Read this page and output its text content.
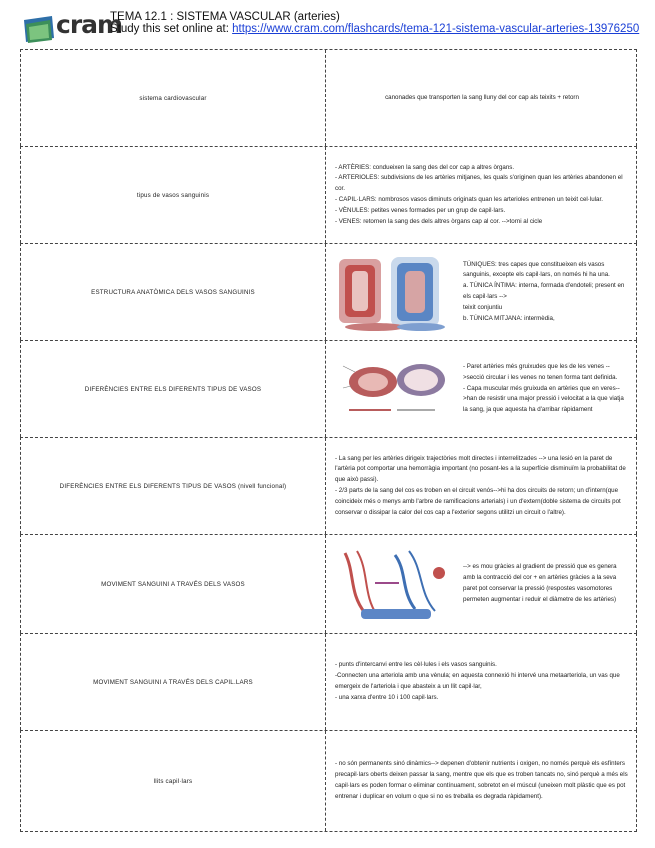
cram
TEMA 12.1 : SISTEMA VASCULAR (arteries)
Study this set online at: https://www.cram.com/flashcards/tema-121-sistema-vascular-arteries-13976250
sistema cardiovascular	canonades que transporten la sang lluny del cor cap als teixits + retorn
tipus de vasos sanguinis
- ARTÈRIES: condueixen la sang des del cor cap a altres òrgans.
- ARTERIOLES: subdivisions de les artèries mitjanes, les quals s'originen quan les artèries abandonen el cor.
- CAPIL·LARS: nombrosos vasos diminuts originats quan les arterioles entrenen un teixit cel·lular.
- VÈNULES: petites venes formades per un grup de capil·lars.
- VENES: retornen la sang des dels altres òrgans cap al cor. -->torni al cicle
ESTRUCTURA ANATÒMICA DELS VASOS SANGUINIS
TÚNIQUES: tres capes que constitueixen els vasos sanguinis, excepte els capil·lars, on només hi ha una.
a. TÚNICA ÍNTIMA: interna, formada d'endoteli; present en els capil·lars -->
teixit conjuntiu
b. TÚNICA MITJANA: intermèdia,
DIFERÈNCIES ENTRE ELS DIFERENTS TIPUS DE VASOS
- Paret artèries més gruixudes que les de les venes -->secció circular i les venes no tenen forma tant definida.
- Capa muscular més gruixuda en artèries que en veres-->han de resistir una major pressió i velocitat a la que viatja la sang, ja que aquesta ha d'arribar ràpidament
DIFERÈNCIES ENTRE ELS DIFERENTS TIPUS DE VASOS (nivell funcional)
- La sang per les artèries dirigeix trajectòries molt directes i interrelitzades --> una lesió en la paret de l'artèria pot comportar una hemorràgia important (no posant-les a la superfície disminuïm la probabilitat de que això passi).
- 2/3 parts de la sang del cos es troben en el circuit venós-->hi ha dos circuits de retorn; un d'intern(que coincideix més o menys amb l'arbre de ramificacions arterials) i un d'extern(doble sistema de circuits pot conservar o dissipar la calor del cos cap a l'exterior segons utilitzi un circuit o l'altre).
MOVIMENT SANGUINI A TRAVÉS DELS VASOS
--> es mou gràcies al gradient de pressió que es genera amb la contracció del cor + en artèries gràcies a la seva paret pot conservar la pressió (respostes vasomotores permeten augmentar i reduir el diàmetre de les artèries)
MOVIMENT SANGUINI A TRAVÉS DELS CAPIL.LARS
- punts d'intercanvi entre les cèl·lules i els vasos sanguinis.
-Connecten una arteriola amb una vènula; en aquesta connexió hi intervé una metaarteriola, un vas que emergeix de l'arteriola i que abasteix a un llit capil·lar,
- una xarxa d'entre 10 i 100 capil·lars.
llits capil·lars
- no són permanents sinó dinàmics--> depenen d'obtenir nutrients i oxigen, no només perquè els esfínters precapil·lars oberts deixen passar la sang, mentre que els que es troben tancats no, sinó perquè a més els capil·lars es poden formar o eliminar contínuament, sobretot en el múscul (uneixen molt plàstic que es pot entrenar i duplicar en volum o que si no es treballa es degrada ràpidament).
